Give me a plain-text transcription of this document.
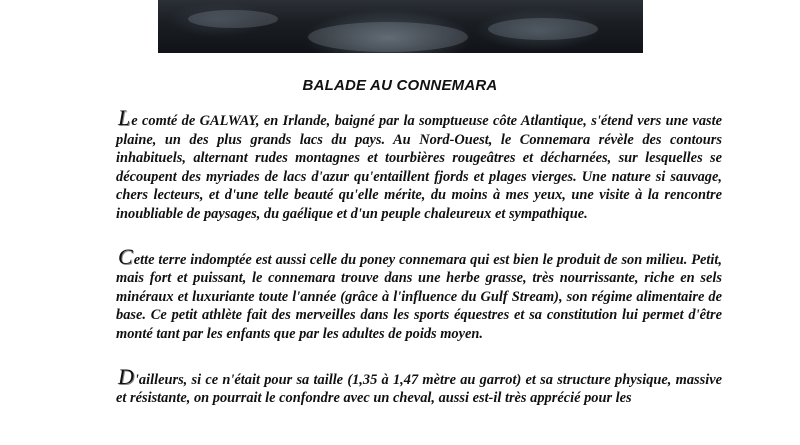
BALADE AU CONNEMARA

Le comté de GALWAY, en Irlande, baigné par la somptueuse côte Atlantique, s'étend vers une vaste plaine, un des plus grands lacs du pays. Au Nord-Ouest, le Connemara révèle des contours inhabituels, alternant rudes montagnes et tourbières rougeâtres et décharnées, sur lesquelles se découpent des myriades de lacs d'azur qu'entaillent fjords et plages vierges. Une nature si sauvage, chers lecteurs, et d'une telle beauté qu'elle mérite, du moins à mes yeux, une visite à la rencontre inoubliable de paysages, du gaélique et d'un peuple chaleureux et sympathique.

Cette terre indomptée est aussi celle du poney connemara qui est bien le produit de son milieu. Petit, mais fort et puissant, le connemara trouve dans une herbe grasse, très nourrissante, riche en sels minéraux et luxuriante toute l'année (grâce à l'influence du Gulf Stream), son régime alimentaire de base. Ce petit athlète fait des merveilles dans les sports équestres et sa constitution lui permet d'être monté tant par les enfants que par les adultes de poids moyen.

D'ailleurs, si ce n'était pour sa taille (1,35 à 1,47 mètre au garrot) et sa structure physique, massive et résistante, on pourrait le confondre avec un cheval, aussi est-il très apprécié pour les
